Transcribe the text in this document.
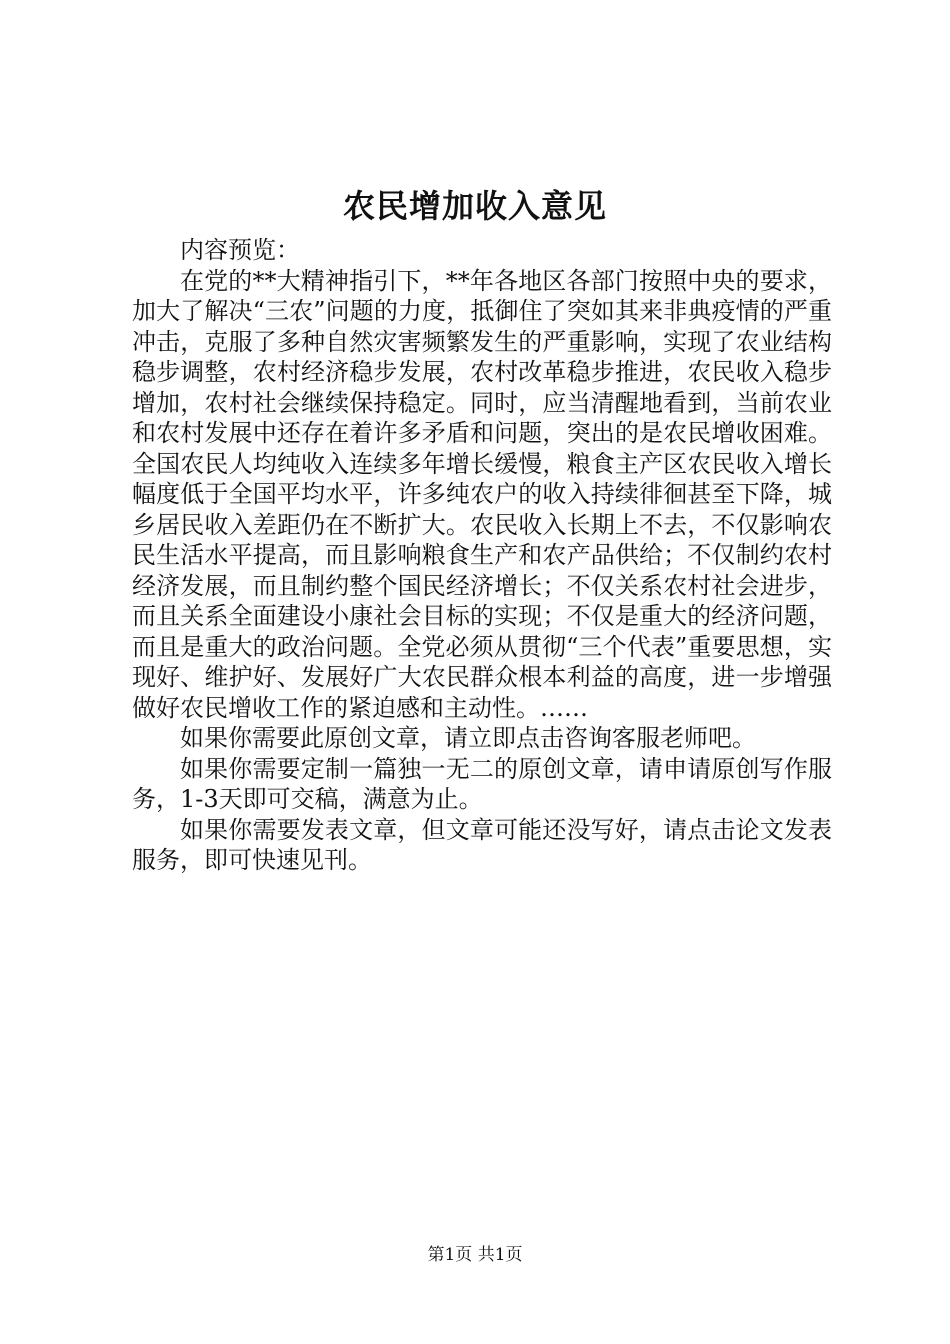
农民增加收入意见

内容预览：

在党的**大精神指引下，**年各地区各部门按照中央的要求，加大了解决“三农”问题的力度，抵御住了突如其来非典疫情的严重冲击，克服了多种自然灾害频繁发生的严重影响，实现了农业结构稳步调整，农村经济稳步发展，农村改革稳步推进，农民收入稳步增加，农村社会继续保持稳定。同时，应当清醒地看到，当前农业和农村发展中还存在着许多矛盾和问题，突出的是农民增收困难。全国农民人均纯收入连续多年增长缓慢，粮食主产区农民收入增长幅度低于全国平均水平，许多纯农户的收入持续徘徊甚至下降，城乡居民收入差距仍在不断扩大。农民收入长期上不去，不仅影响农民生活水平提高，而且影响粮食生产和农产品供给；不仅制约农村经济发展，而且制约整个国民经济增长；不仅关系农村社会进步，而且关系全面建设小康社会目标的实现；不仅是重大的经济问题，而且是重大的政治问题。全党必须从贯彻“三个代表”重要思想，实现好、维护好、发展好广大农民群众根本利益的高度，进一步增强做好农民增收工作的紧迫感和主动性。……

如果你需要此原创文章，请立即点击咨询客服老师吧。

如果你需要定制一篇独一无二的原创文章，请申请原创写作服务，1-3天即可交稿，满意为止。

如果你需要发表文章，但文章可能还没写好，请点击论文发表服务，即可快速见刊。

第1页 共1页
